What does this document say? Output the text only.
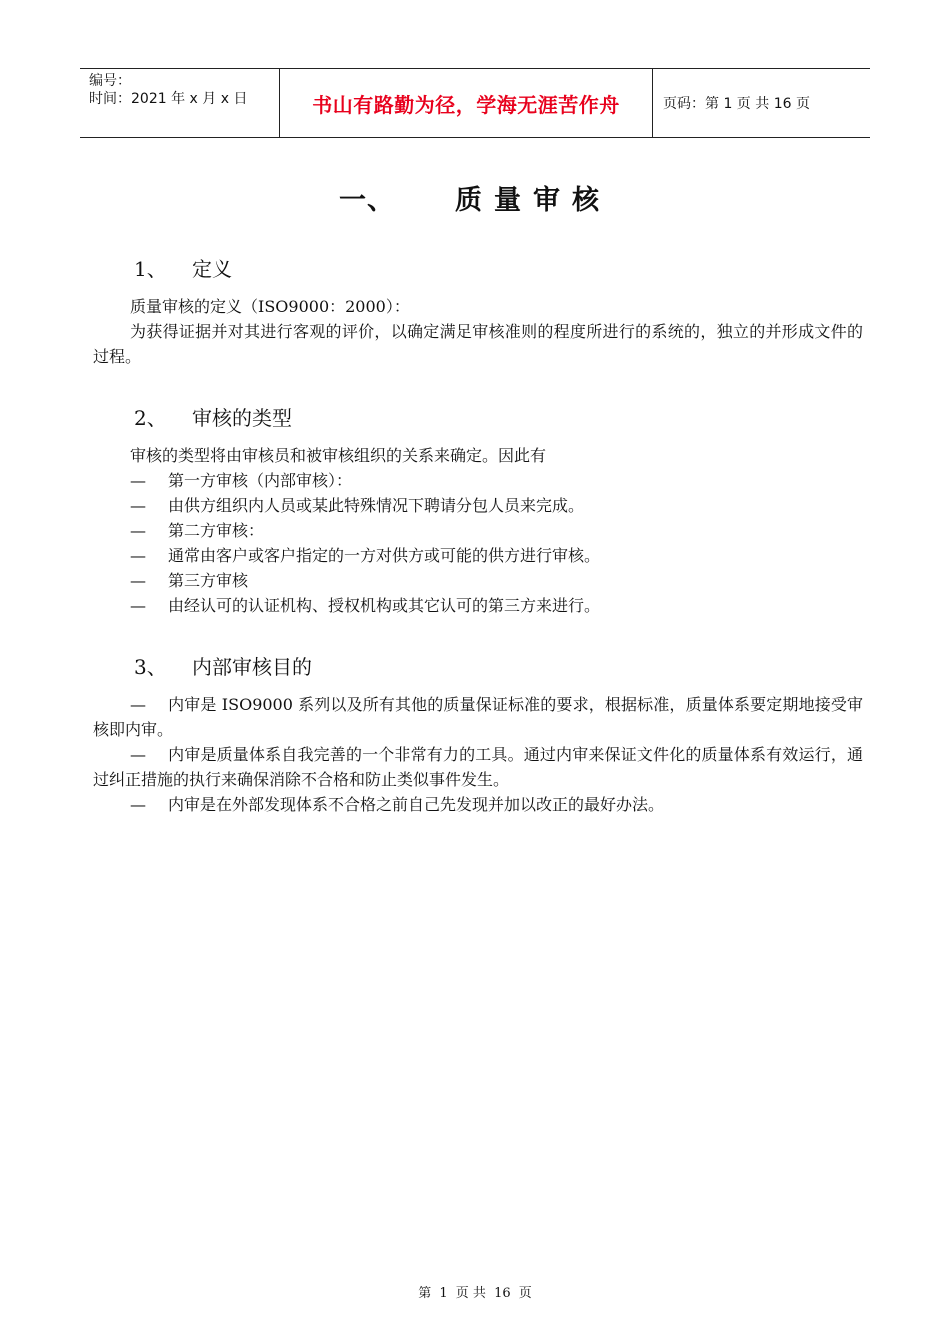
编号：
时间：2021 年 x 月 x 日	书山有路勤为径，学海无涯苦作舟	页码：第 1 页 共 16 页
一、 质量审核
1、 定义
质量审核的定义（ISO9000：2000）：
为获得证据并对其进行客观的评价，以确定满足审核准则的程度所进行的系统的，独立的并形成文件的过程。
2、 审核的类型
审核的类型将由审核员和被审核组织的关系来确定。因此有
— 第一方审核（内部审核）：
— 由供方组织内人员或某此特殊情况下聘请分包人员来完成。
— 第二方审核：
— 通常由客户或客户指定的一方对供方或可能的供方进行审核。
— 第三方审核
— 由经认可的认证机构、授权机构或其它认可的第三方来进行。
3、 内部审核目的
— 内审是 ISO9000 系列以及所有其他的质量保证标准的要求，根据标准，质量体系要定期地接受审核即内审。
— 内审是质量体系自我完善的一个非常有力的工具。通过内审来保证文件化的质量体系有效运行，通过纠正措施的执行来确保消除不合格和防止类似事件发生。
— 内审是在外部发现体系不合格之前自己先发现并加以改正的最好办法。
第 1 页 共 16 页
